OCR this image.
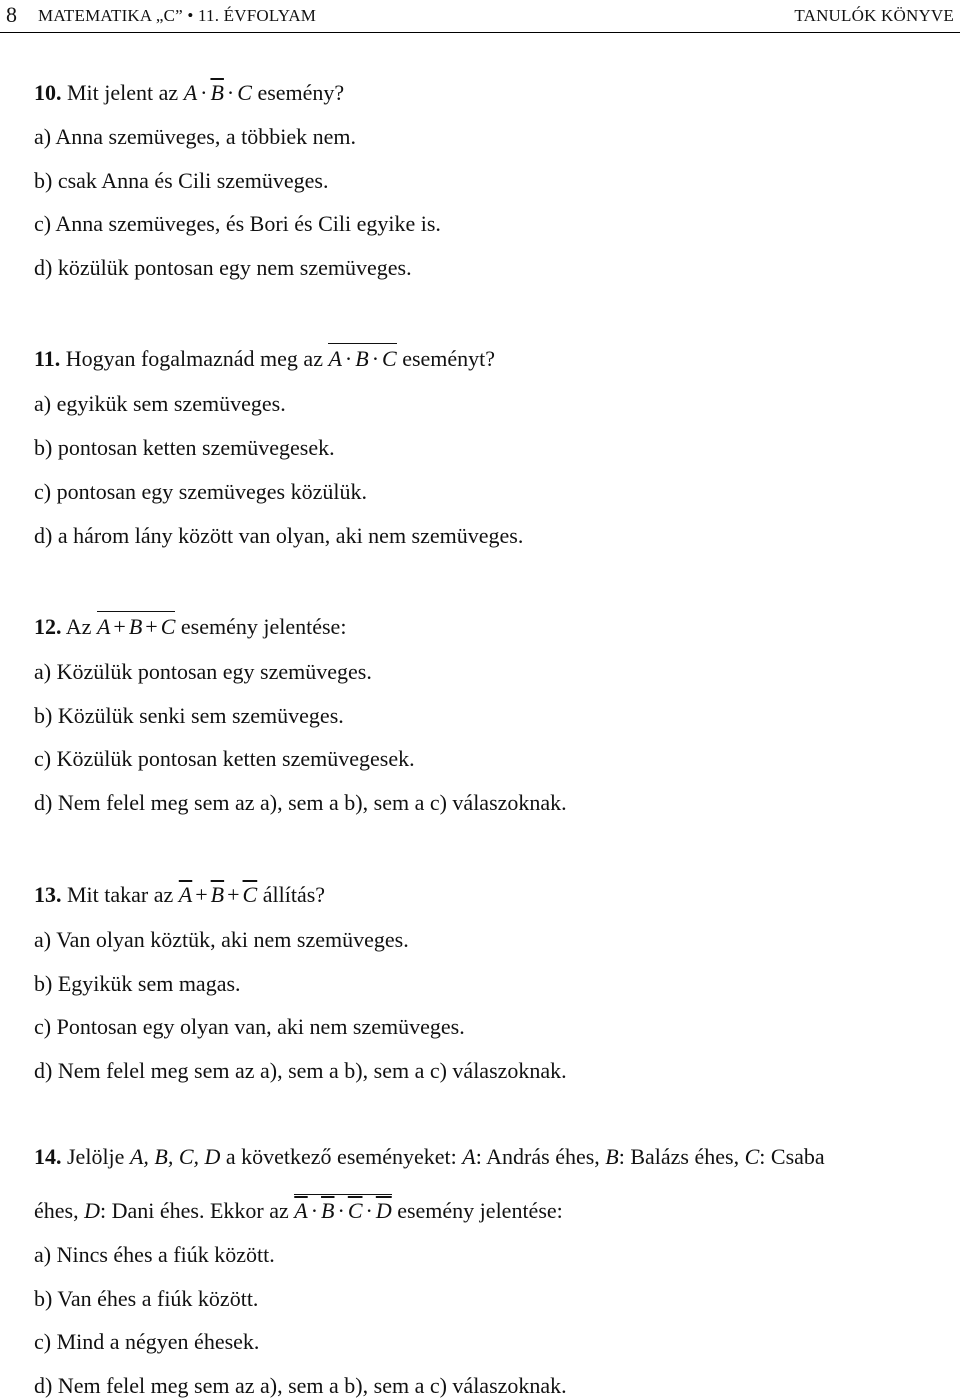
8 MATEMATIKA „C” • 11. ÉVFOLYAM	TANULÓK KÖNYVE
10. Mit jelent az $A \cdot \overline{B} \cdot C$ esemény?
a) Anna szemüveges, a többiek nem.
b) csak Anna és Cili szemüveges.
c) Anna szemüveges, és Bori és Cili egyike is.
d) közülük pontosan egy nem szemüveges.
11. Hogyan fogalmaznád meg az A · B · C eseményt?
a) egyikük sem szemüveges.
b) pontosan ketten szemüvegesek.
c) pontosan egy szemüveges közülük.
d) a három lány között van olyan, aki nem szemüveges.
12. Az A + B + C esemény jelentése:
a) Közülük pontosan egy szemüveges.
b) Közülük senki sem szemüveges.
c) Közülük pontosan ketten szemüvegesek.
d) Nem felel meg sem az a), sem a b), sem a c) válaszoknak.
13. Mit takar az $\overline{A} + \overline{B} + \overline{C}$ állítás?
a) Van olyan köztük, aki nem szemüveges.
b) Egyikük sem magas.
c) Pontosan egy olyan van, aki nem szemüveges.
d) Nem felel meg sem az a), sem a b), sem a c) válaszoknak.
14. Jelölje A, B, C, D a következő eseményeket: A: András éhes, B: Balázs éhes, C: Csaba
éhes, D: Dani éhes. Ekkor az $\overline{A} \cdot \overline{B} \cdot \overline{C} \cdot \overline{D}$ esemény jelentése:
a) Nincs éhes a fiúk között.
b) Van éhes a fiúk között.
c) Mind a négyen éhesek.
d) Nem felel meg sem az a), sem a b), sem a c) válaszoknak.
